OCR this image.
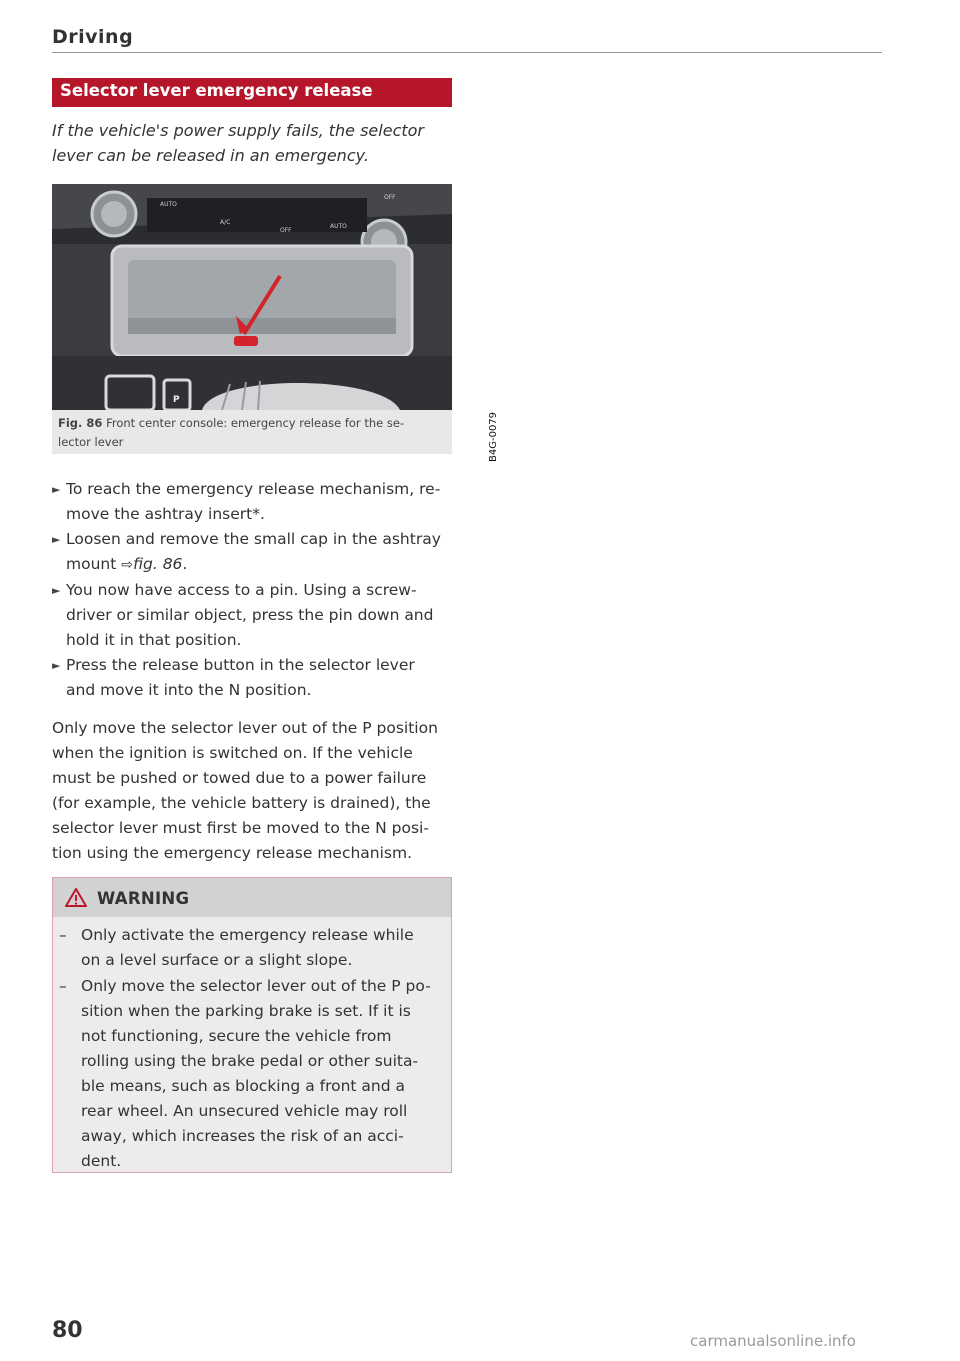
Driving
Selector lever emergency release

If the vehicle's power supply fails, the selector lever can be released in an emergency.

AUTO
A/C
OFF
AUTO
OFF
P
B4G-0079
Fig. 86 Front center console: emergency release for the se-
lector lever
► To reach the emergency release mechanism, re-
move the ashtray insert*.
► Loosen and remove the small cap in the ashtray
mount ⇨fig. 86.
► You now have access to a pin. Using a screw-
driver or similar object, press the pin down and
hold it in that position.
► Press the release button in the selector lever
and move it into the N position.

Only move the selector lever out of the P position
when the ignition is switched on. If the vehicle
must be pushed or towed due to a power failure
(for example, the vehicle battery is drained), the
selector lever must first be moved to the N posi-
tion using the emergency release mechanism.

WARNING
– Only activate the emergency release while
on a level surface or a slight slope.
– Only move the selector lever out of the P po-
sition when the parking brake is set. If it is
not functioning, secure the vehicle from
rolling using the brake pedal or other suita-
ble means, such as blocking a front and a
rear wheel. An unsecured vehicle may roll
away, which increases the risk of an acci-
dent.
80	carmanualsonline.info
